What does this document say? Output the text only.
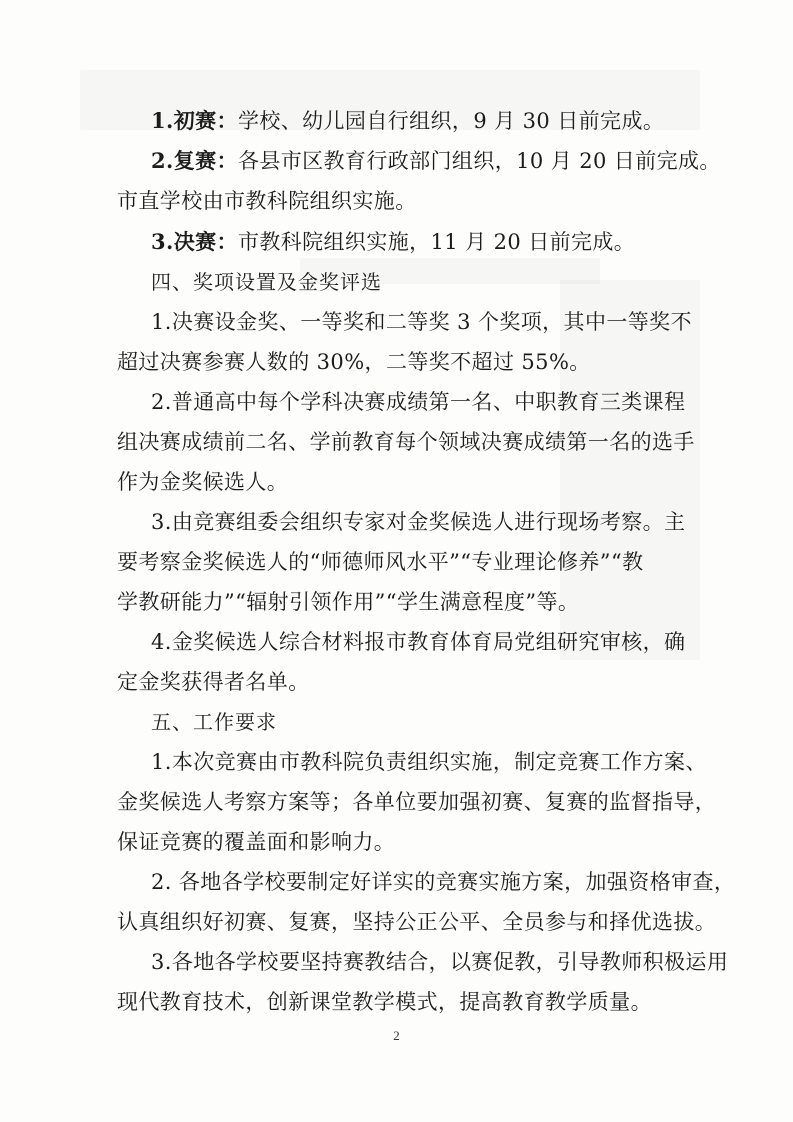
1.初赛：学校、幼儿园自行组织，9 月 30 日前完成。
2.复赛：各县市区教育行政部门组织，10 月 20 日前完成。
市直学校由市教科院组织实施。
3.决赛：市教科院组织实施，11 月 20 日前完成。
四、奖项设置及金奖评选
1.决赛设金奖、一等奖和二等奖 3 个奖项，其中一等奖不
超过决赛参赛人数的 30%，二等奖不超过 55%。
2.普通高中每个学科决赛成绩第一名、中职教育三类课程
组决赛成绩前二名、学前教育每个领域决赛成绩第一名的选手
作为金奖候选人。
3.由竞赛组委会组织专家对金奖候选人进行现场考察。主
要考察金奖候选人的“师德师风水平”“专业理论修养”“教
学教研能力”“辐射引领作用”“学生满意程度”等。
4.金奖候选人综合材料报市教育体育局党组研究审核，确
定金奖获得者名单。
五、工作要求
1.本次竞赛由市教科院负责组织实施，制定竞赛工作方案、
金奖候选人考察方案等；各单位要加强初赛、复赛的监督指导，
保证竞赛的覆盖面和影响力。
2. 各地各学校要制定好详实的竞赛实施方案，加强资格审查，
认真组织好初赛、复赛，坚持公正公平、全员参与和择优选拔。
3.各地各学校要坚持赛教结合，以赛促教，引导教师积极运用
现代教育技术，创新课堂教学模式，提高教育教学质量。
2
